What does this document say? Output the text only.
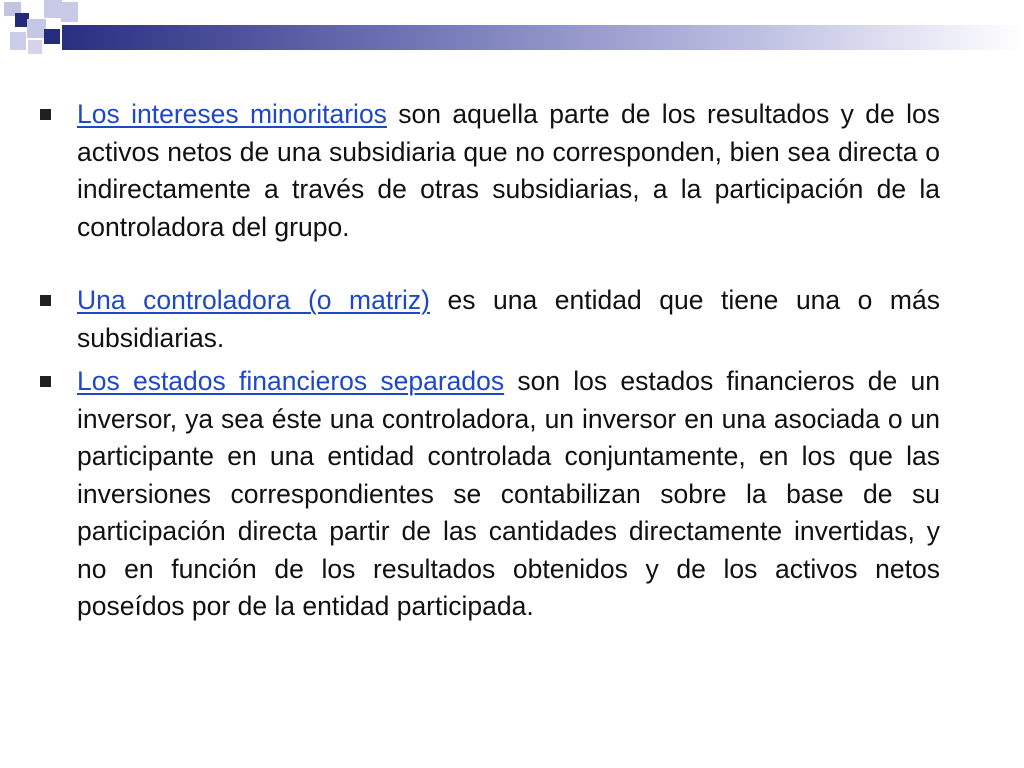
Los intereses minoritarios son aquella parte de los resultados y de los activos netos de una subsidiaria que no corresponden, bien sea directa o indirectamente a través de otras subsidiarias, a la participación de la controladora del grupo.
Una controladora (o matriz) es una entidad que tiene una o más subsidiarias.
Los estados financieros separados son los estados financieros de un inversor, ya sea éste una controladora, un inversor en una asociada o un participante en una entidad controlada conjuntamente, en los que las inversiones correspondientes se contabilizan sobre la base de su participación directa partir de las cantidades directamente invertidas, y no en función de los resultados obtenidos y de los activos netos poseídos por de la entidad participada.
